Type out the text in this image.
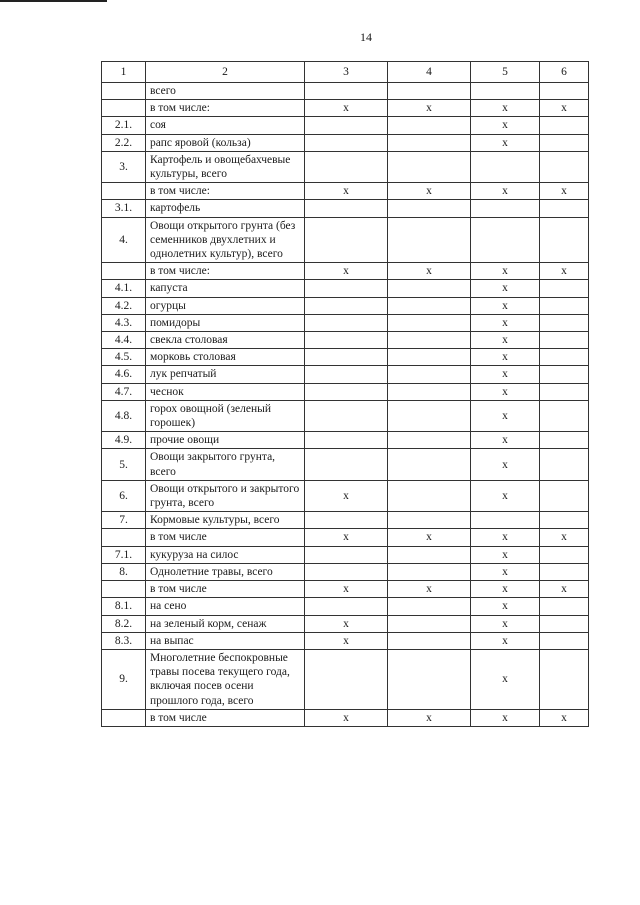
14
1	2	3	4	5	6
	всего				
	в том числе:	х	х	х	х
2.1.	соя			х	
2.2.	рапс яровой (кольза)			х	
3.	Картофель и овощебахчевые культуры, всего				
	в том числе:	х	х	х	х
3.1.	картофель				
4.	Овощи открытого грунта (без семенников двухлетних и однолетних культур), всего				
	в том числе:	х	х	х	х
4.1.	капуста			х	
4.2.	огурцы			х	
4.3.	помидоры			х	
4.4.	свекла столовая			х	
4.5.	морковь столовая			х	
4.6.	лук репчатый			х	
4.7.	чеснок			х	
4.8.	горох овощной (зеленый горошек)			х	
4.9.	прочие овощи			х	
5.	Овощи закрытого грунта, всего			х	
6.	Овощи открытого и закрытого грунта, всего	х		х	
7.	Кормовые культуры, всего				
	в том числе	х	х	х	х
7.1.	кукуруза на силос			х	
8.	Однолетние травы, всего			х	
	в том числе	х	х	х	х
8.1.	на сено			х	
8.2.	на зеленый корм, сенаж	х		х	
8.3.	на выпас	х		х	
9.	Многолетние беспокровные травы посева текущего года, включая посев осени прошлого года, всего			х	
	в том числе	х	х	х	х
